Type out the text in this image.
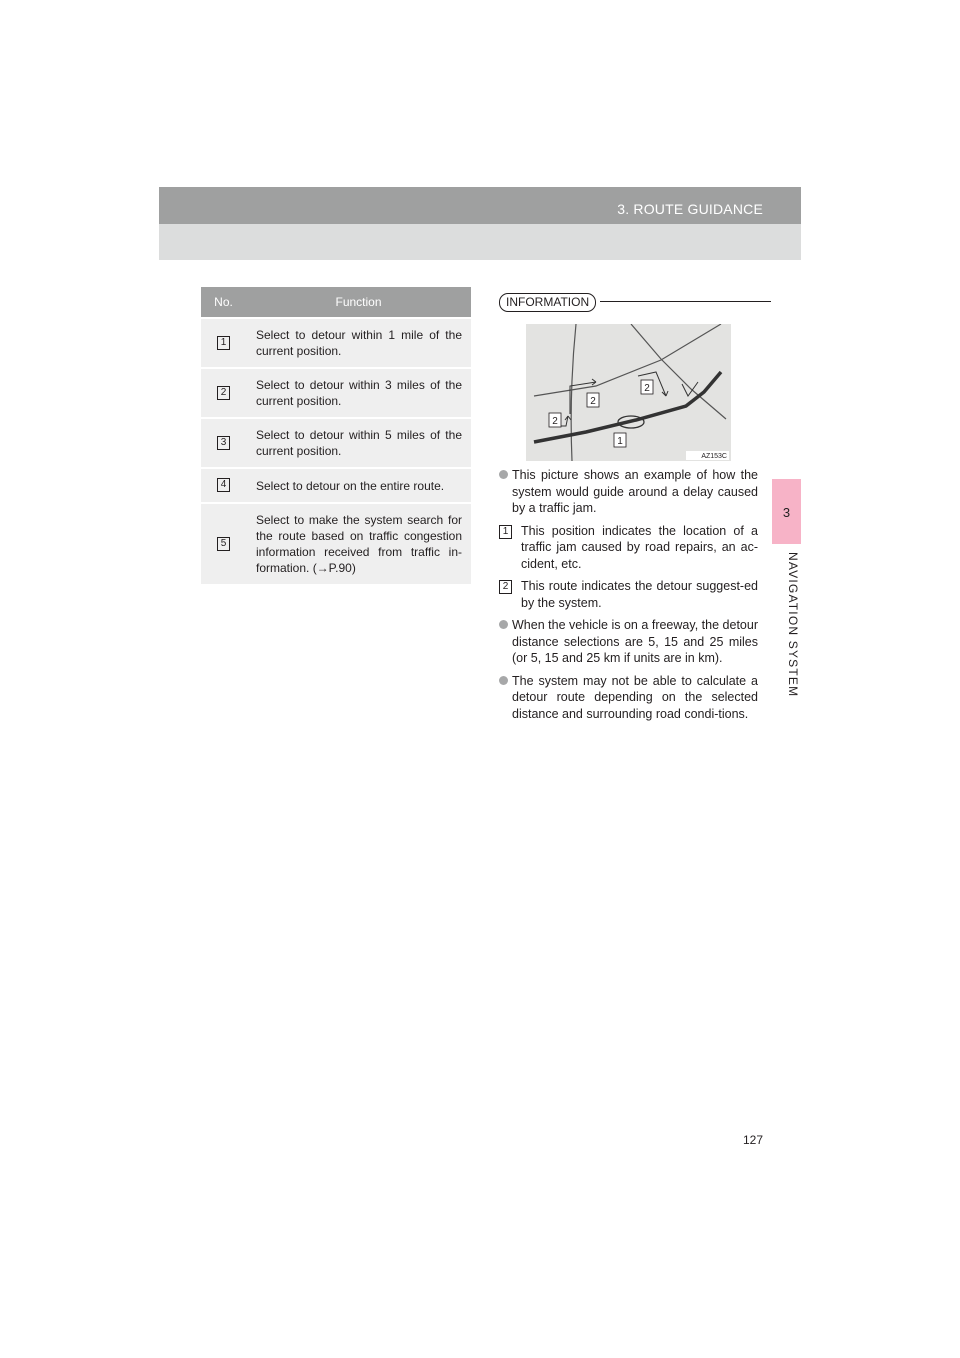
3. ROUTE GUIDANCE
3
NAVIGATION SYSTEM
No.	Function
1	Select to detour within 1 mile of the current position.
2	Select to detour within 3 miles of the current position.
3	Select to detour within 5 miles of the current position.
4	Select to detour on the entire route.
5	Select to make the system search for the route based on traffic congestion information received from traffic in-formation. (→P.90)
INFORMATION
2
2
2
1
AZ153C
This picture shows an example of how the system would guide around a delay caused by a traffic jam.
1 This position indicates the location of a traffic jam caused by road repairs, an ac-cident, etc.
2 This route indicates the detour suggest-ed by the system.
When the vehicle is on a freeway, the detour distance selections are 5, 15 and 25 miles (or 5, 15 and 25 km if units are in km).
The system may not be able to calculate a detour route depending on the selected distance and surrounding road condi-tions.
127
